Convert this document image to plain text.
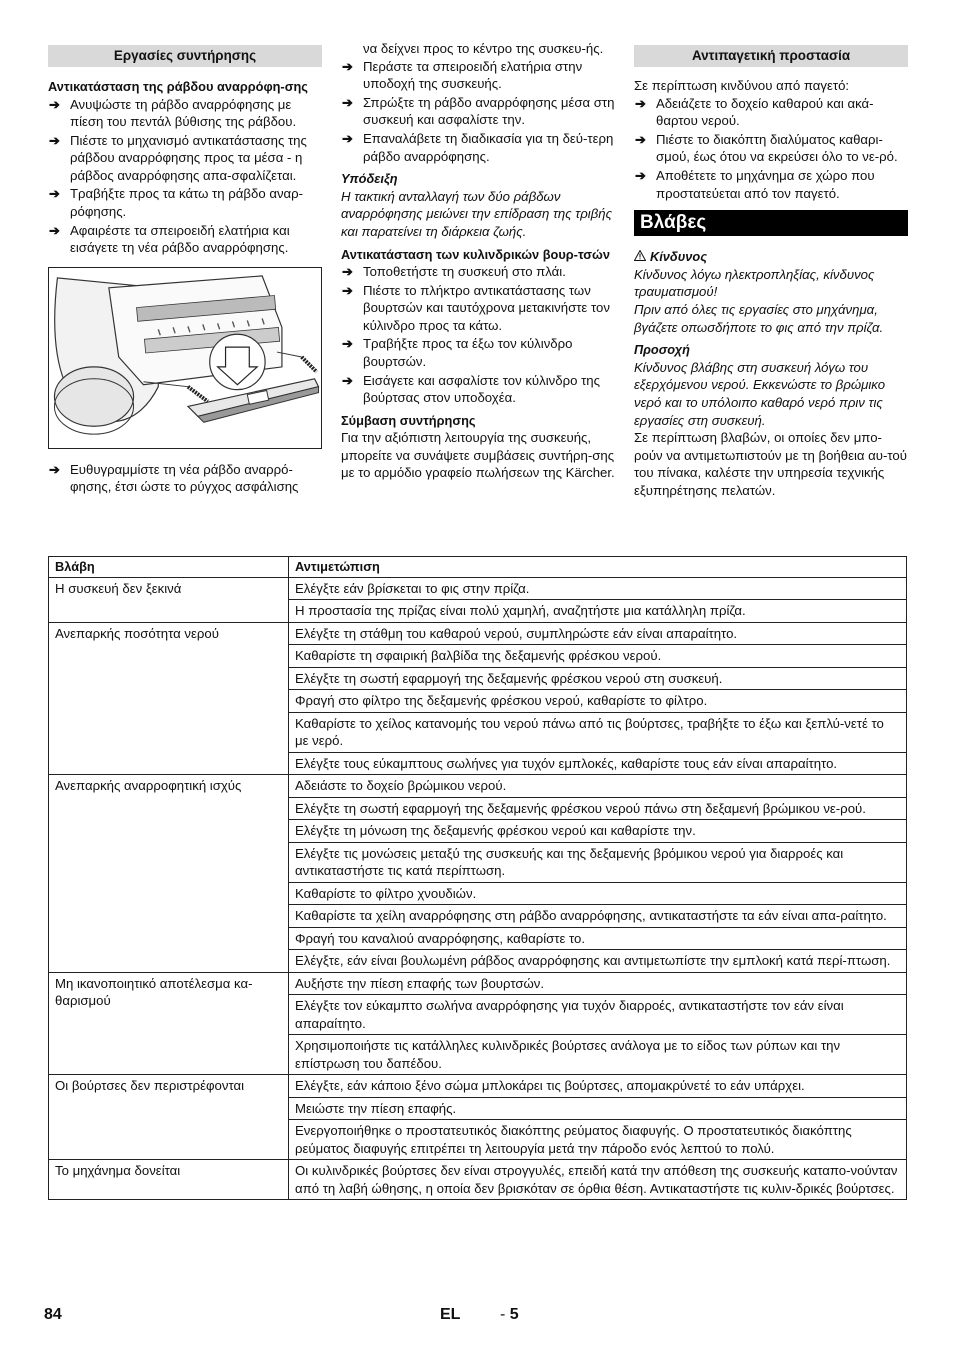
Εργασίες συντήρησης
Αντικατάσταση της ράβδου αναρρόφη-σης
➔ Ανυψώστε τη ράβδο αναρρόφησης με πίεση του πεντάλ βύθισης της ράβδου.
➔ Πιέστε το μηχανισμό αντικατάστασης της ράβδου αναρρόφησης προς τα μέσα - η ράβδος αναρρόφησης απα-σφαλίζεται.
➔ Τραβήξτε προς τα κάτω τη ράβδο αναρ-ρόφησης.
➔ Αφαιρέστε τα σπειροειδή ελατήρια και εισάγετε τη νέα ράβδο αναρρόφησης.
➔ Ευθυγραμμίστε τη νέα ράβδο αναρρό-φησης, έτσι ώστε το ρύγχος ασφάλισης

να δείχνει προς το κέντρο της συσκευ-ής.

➔ Περάστε τα σπειροειδή ελατήρια στην υποδοχή της συσκευής.
➔ Σπρώξτε τη ράβδο αναρρόφησης μέσα στη συσκευή και ασφαλίστε την.
➔ Επαναλάβετε τη διαδικασία για τη δεύ-τερη ράβδο αναρρόφησης.
Υπόδειξη

Η τακτική ανταλλαγή των δύο ράβδων αναρρόφησης μειώνει την επίδραση της τριβής και παρατείνει τη διάρκεια ζωής.

Αντικατάσταση των κυλινδρικών βουρ-τσών
➔ Τοποθετήστε τη συσκευή στο πλάι.
➔ Πιέστε το πλήκτρο αντικατάστασης των βουρτσών και ταυτόχρονα μετακινήστε τον κύλινδρο προς τα κάτω.
➔ Τραβήξτε προς τα έξω τον κύλινδρο βουρτσών.
➔ Εισάγετε και ασφαλίστε τον κύλινδρο της βούρτσας στον υποδοχέα.
Σύμβαση συντήρησης

Για την αξιόπιστη λειτουργία της συσκευής, μπορείτε να συνάψετε συμβάσεις συντήρη-σης με το αρμόδιο γραφείο πωλήσεων της Kärcher.

Αντιπαγετική προστασία

Σε περίπτωση κινδύνου από παγετό:

➔ Αδειάζετε το δοχείο καθαρού και ακά-θαρτου νερού.
➔ Πιέστε το διακόπτη διαλύματος καθαρι-σμού, έως ότου να εκρεύσει όλο το νε-ρό.
➔ Αποθέτετε το μηχάνημα σε χώρο που προστατεύεται από τον παγετό.
Βλάβες
Κίνδυνος

Κίνδυνος λόγω ηλεκτροπληξίας, κίνδυνος τραυματισμού!

Πριν από όλες τις εργασίες στο μηχάνημα, βγάζετε οπωσδήποτε το φις από την πρίζα.

Προσοχή

Κίνδυνος βλάβης στη συσκευή λόγω του εξερχόμενου νερού. Εκκενώστε το βρώμικο νερό και το υπόλοιπο καθαρό νερό πριν τις εργασίες στη συσκευή.

Σε περίπτωση βλαβών, οι οποίες δεν μπο-ρούν να αντιμετωπιστούν με τη βοήθεια αυ-τού του πίνακα, καλέστε την υπηρεσία τεχνικής εξυπηρέτησης πελατών.

Βλάβη	Αντιμετώπιση
Η συσκευή δεν ξεκινά	Ελέγξτε εάν βρίσκεται το φις στην πρίζα.
	Η προστασία της πρίζας είναι πολύ χαμηλή, αναζητήστε μια κατάλληλη πρίζα.
Ανεπαρκής ποσότητα νερού	Ελέγξτε τη στάθμη του καθαρού νερού, συμπληρώστε εάν είναι απαραίτητο.
	Καθαρίστε τη σφαιρική βαλβίδα της δεξαμενής φρέσκου νερού.
	Ελέγξτε τη σωστή εφαρμογή της δεξαμενής φρέσκου νερού στη συσκευή.
	Φραγή στο φίλτρο της δεξαμενής φρέσκου νερού, καθαρίστε το φίλτρο.
	Καθαρίστε το χείλος κατανομής του νερού πάνω από τις βούρτσες, τραβήξτε το έξω και ξεπλύ-νετέ το με νερό.
	Ελέγξτε τους εύκαμπτους σωλήνες για τυχόν εμπλοκές, καθαρίστε τους εάν είναι απαραίτητο.
Ανεπαρκής αναρροφητική ισχύς	Αδειάστε το δοχείο βρώμικου νερού.
	Ελέγξτε τη σωστή εφαρμογή της δεξαμενής φρέσκου νερού πάνω στη δεξαμενή βρώμικου νε-ρού.
	Ελέγξτε τη μόνωση της δεξαμενής φρέσκου νερού και καθαρίστε την.
	Ελέγξτε τις μονώσεις μεταξύ της συσκευής και της δεξαμενής βρόμικου νερού για διαρροές και αντικαταστήστε τις κατά περίπτωση.
	Καθαρίστε το φίλτρο χνουδιών.
	Καθαρίστε τα χείλη αναρρόφησης στη ράβδο αναρρόφησης, αντικαταστήστε τα εάν είναι απα-ραίτητο.
	Φραγή του καναλιού αναρρόφησης, καθαρίστε το.
	Ελέγξτε, εάν είναι βουλωμένη ράβδος αναρρόφησης και αντιμετωπίστε την εμπλοκή κατά περί-πτωση.
Μη ικανοποιητικό αποτέλεσμα κα-θαρισμού	Αυξήστε την πίεση επαφής των βουρτσών.
	Ελέγξτε τον εύκαμπτο σωλήνα αναρρόφησης για τυχόν διαρροές, αντικαταστήστε τον εάν είναι απαραίτητο.
	Χρησιμοποιήστε τις κατάλληλες κυλινδρικές βούρτσες ανάλογα με το είδος των ρύπων και την επίστρωση του δαπέδου.
Οι βούρτσες δεν περιστρέφονται	Ελέγξτε, εάν κάποιο ξένο σώμα μπλοκάρει τις βούρτσες, απομακρύνετέ το εάν υπάρχει.
	Μειώστε την πίεση επαφής.
	Ενεργοποιήθηκε ο προστατευτικός διακόπτης ρεύματος διαφυγής. Ο προστατευτικός διακόπτης ρεύματος διαφυγής επιτρέπει τη λειτουργία μετά την πάροδο ενός λεπτού το πολύ.
Το μηχάνημα δονείται	Οι κυλινδρικές βούρτσες δεν είναι στρογγυλές, επειδή κατά την απόθεση της συσκευής καταπο-νούνταν από τη λαβή ώθησης, η οποία δεν βρισκόταν σε όρθια θέση. Αντικαταστήστε τις κυλιν-δρικές βούρτσες.
84	EL - 5
